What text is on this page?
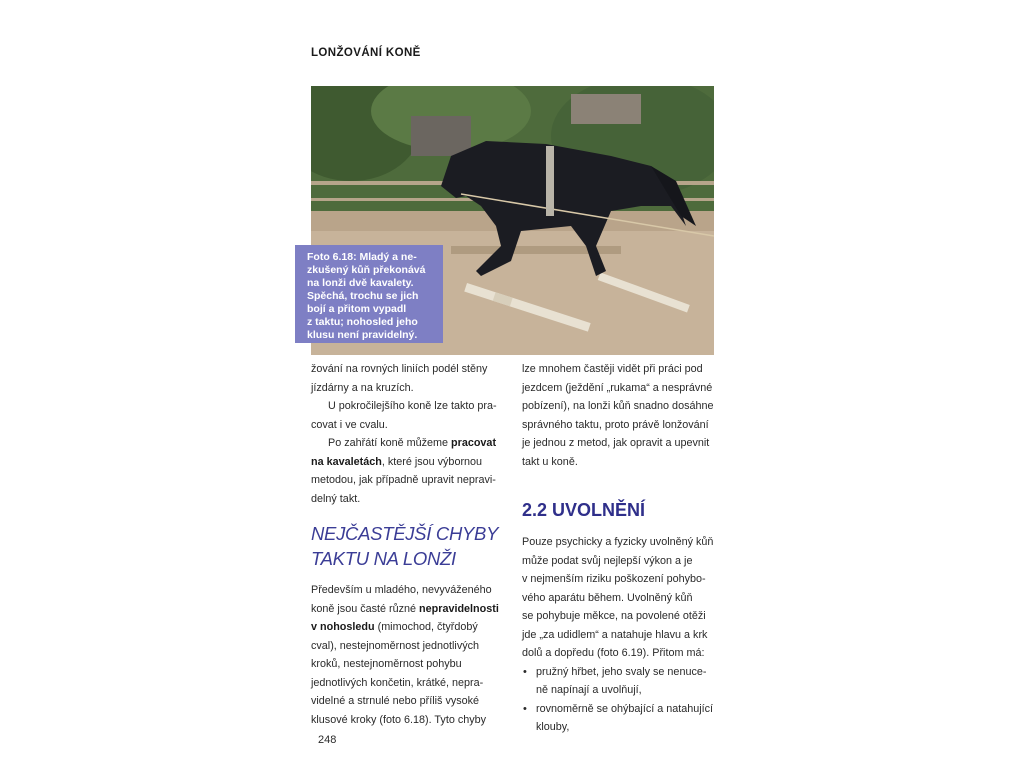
LONŽOVÁNÍ KONĚ
Foto 6.18: Mladý a ne-
zkušený kůň překonává
na lonži dvě kavalety.
Spěchá, trochu se jich
bojí a přitom vypadl
z taktu; nohosled jeho
klusu není pravidelný.
žování na rovných liniích podél stěny
jízdárny a na kruzích.
U pokročilejšího koně lze takto pra-
covat i ve cvalu.
Po zahřátí koně můžeme pracovat
na kavaletách, které jsou výbornou
metodou, jak případně upravit nepravi-
delný takt.
NEJČASTĚJŠÍ CHYBY
TAKTU NA LONŽI
Především u mladého, nevyváženého
koně jsou časté různé nepravidelnosti
v nohosledu (mimochod, čtyřdobý
cval), nestejnoměrnost jednotlivých
kroků, nestejnoměrnost pohybu
jednotlivých končetin, krátké, nepra-
videlné a strnulé nebo příliš vysoké
klusové kroky (foto 6.18). Tyto chyby
lze mnohem častěji vidět při práci pod
jezdcem (ježdění „rukama“ a nesprávné
pobízení), na lonži kůň snadno dosáhne
správného taktu, proto právě lonžování
je jednou z metod, jak opravit a upevnit
takt u koně.
2.2 UVOLNĚNÍ
Pouze psychicky a fyzicky uvolněný kůň
může podat svůj nejlepší výkon a je
v nejmenším riziku poškození pohybo-
vého aparátu během. Uvolněný kůň
se pohybuje měkce, na povolené otěži
jde „za udidlem“ a natahuje hlavu a krk
dolů a dopředu (foto 6.19). Přitom má:
• pružný hřbet, jeho svaly se nenuce-
ně napínají a uvolňují,
• rovnoměrně se ohýbající a natahující
klouby,
248
